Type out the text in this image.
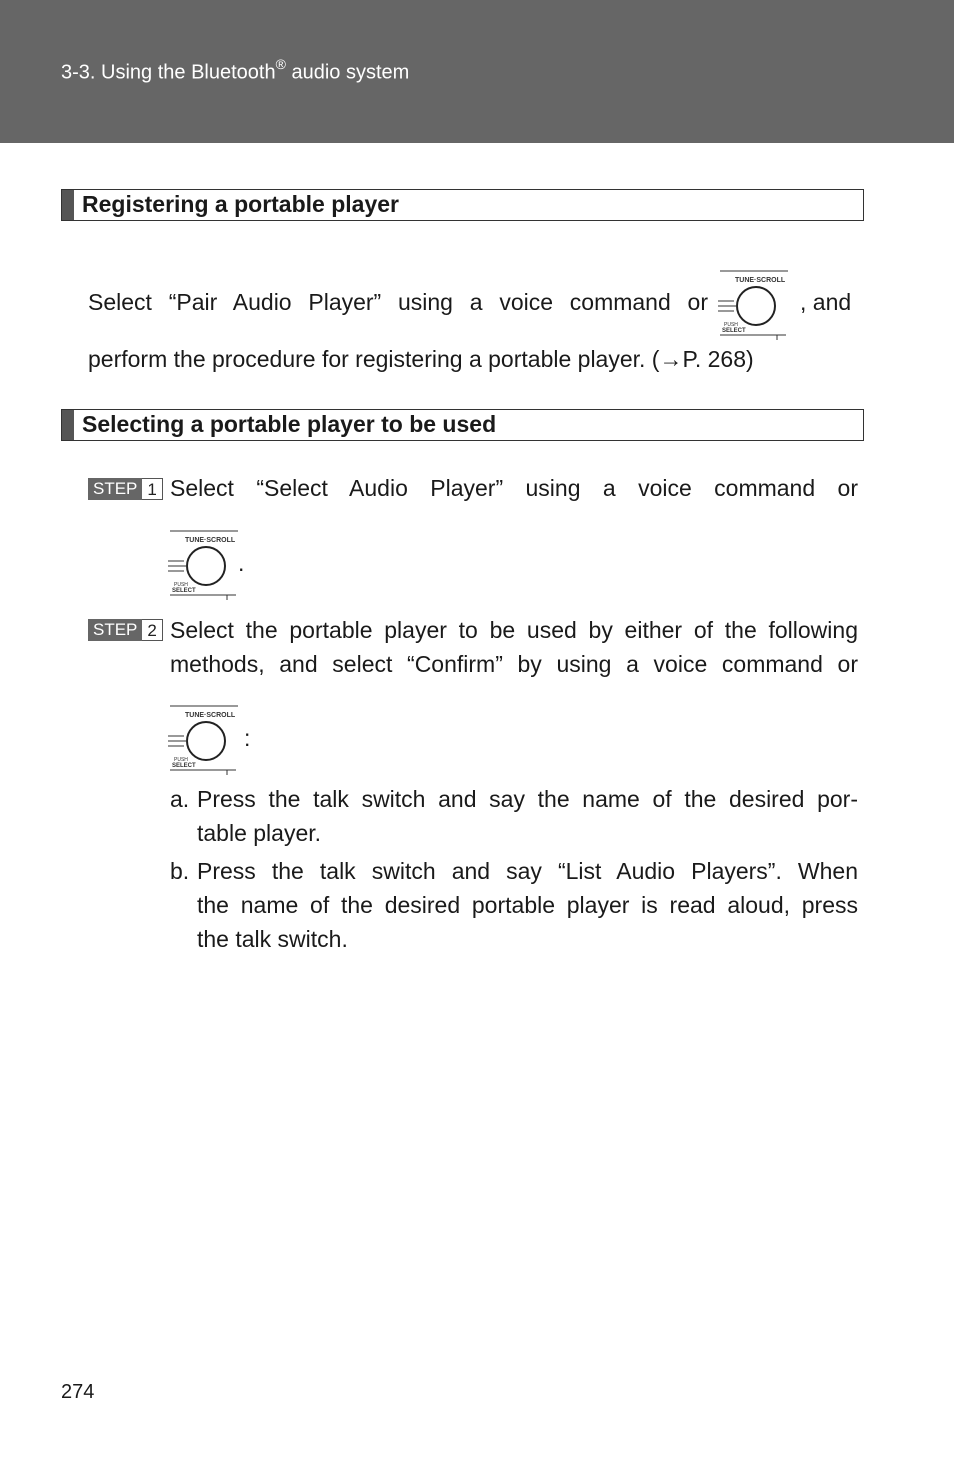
3-3. Using the Bluetooth® audio system
Registering a portable player
Select “Pair Audio Player” using a voice command or
TUNE·SCROLL
PUSH
SELECT
, and
perform the procedure for registering a portable player. (→P. 268)
Selecting a portable player to be used
STEP 1 Select “Select Audio Player” using a voice command or
TUNE·SCROLL
PUSH
SELECT
.
STEP 2 Select the portable player to be used by either of the following
methods, and select “Confirm” by using a voice command or
TUNE·SCROLL
PUSH
SELECT
:
a. Press the talk switch and say the name of the desired por-
table player.
b. Press the talk switch and say “List Audio Players”. When
the name of the desired portable player is read aloud, press
the talk switch.
274
